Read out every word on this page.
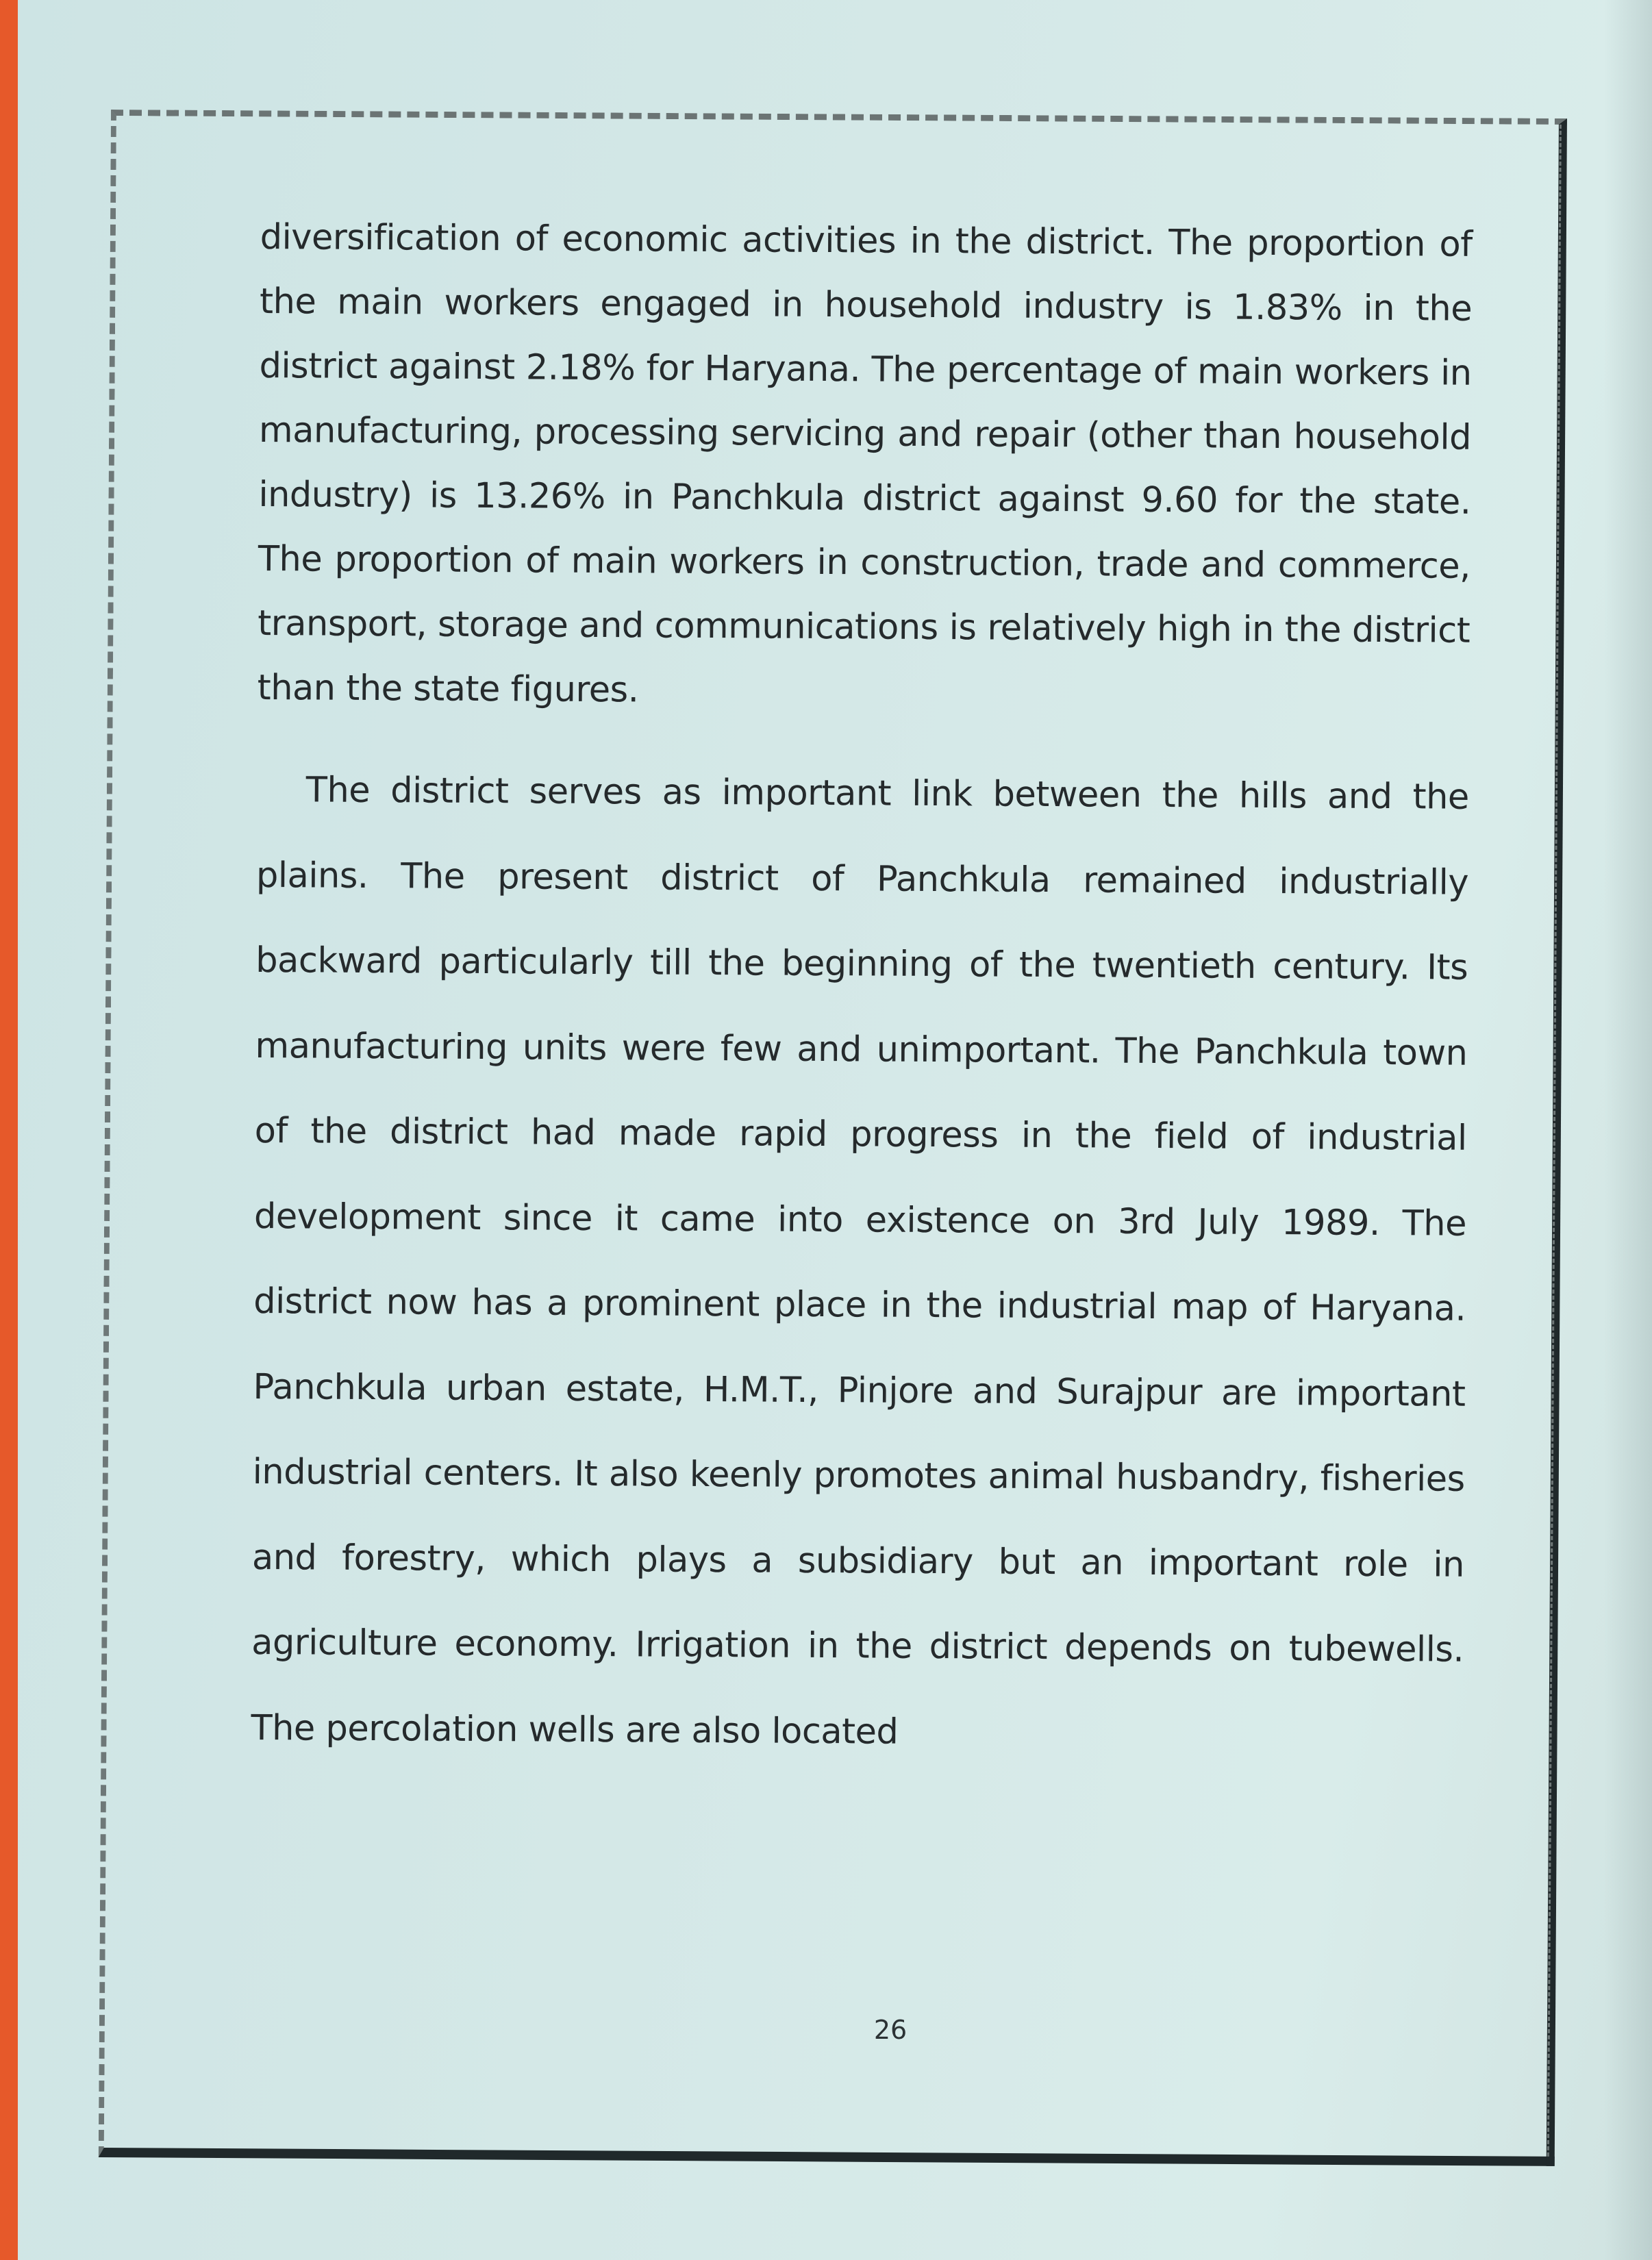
diversification of economic activities in the district. The proportion of the main workers engaged in household industry is 1.83% in the district against 2.18% for Haryana. The percentage of main workers in manufacturing, processing servicing and repair (other than household industry) is 13.26% in Panchkula district against 9.60 for the state. The proportion of main workers in construction, trade and commerce, transport, storage and communications is relatively high in the district than the state figures.

The district serves as important link between the hills and the plains. The present district of Panchkula remained industrially backward particularly till the beginning of the twentieth century. Its manufacturing units were few and unimportant. The Panchkula town of the district had made rapid progress in the field of industrial development since it came into existence on 3rd July 1989. The district now has a prominent place in the industrial map of Haryana. Panchkula urban estate, H.M.T., Pinjore and Surajpur are important industrial centers. It also keenly promotes animal husbandry, fisheries and forestry, which plays a subsidiary but an important role in agriculture economy. Irrigation in the district depends on tubewells. The percolation wells are also located

26
